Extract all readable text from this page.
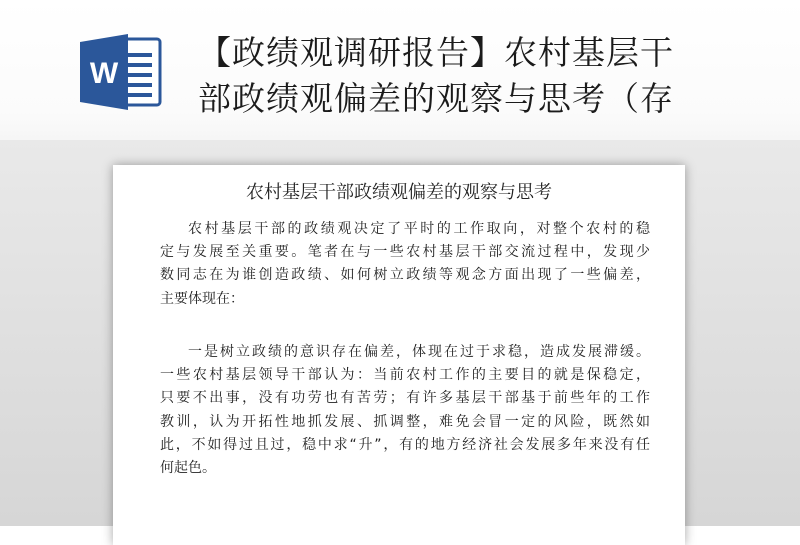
W
【政绩观调研报告】农村基层干
部政绩观偏差的观察与思考（存
农村基层干部政绩观偏差的观察与思考
农村基层干部的政绩观决定了平时的工作取向，对整个农村的稳
定与发展至关重要。笔者在与一些农村基层干部交流过程中，发现少
数同志在为谁创造政绩、如何树立政绩等观念方面出现了一些偏差，
主要体现在：
一是树立政绩的意识存在偏差，体现在过于求稳，造成发展滞缓。
一些农村基层领导干部认为：当前农村工作的主要目的就是保稳定，
只要不出事，没有功劳也有苦劳；有许多基层干部基于前些年的工作
教训，认为开拓性地抓发展、抓调整，难免会冒一定的风险，既然如
此，不如得过且过，稳中求“升”，有的地方经济社会发展多年来没有任
何起色。
